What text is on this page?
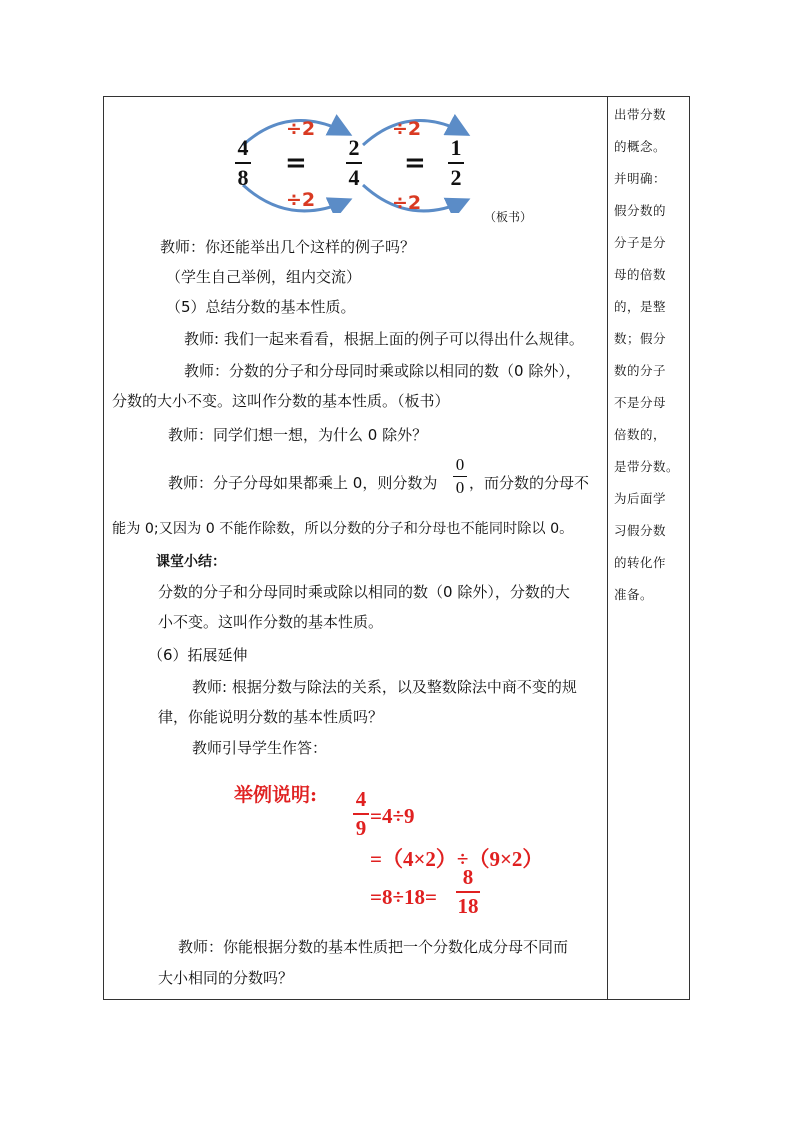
4
8 =
2
4 =
1
2
÷2
÷2
÷2
÷2
（板书）
教师：你还能举出几个这样的例子吗？
（学生自己举例，组内交流）
（5）总结分数的基本性质。
教师: 我们一起来看看，根据上面的例子可以得出什么规律。
教师：分数的分子和分母同时乘或除以相同的数（0 除外），
分数的大小不变。这叫作分数的基本性质。（板书）
教师：同学们想一想，为什么 0 除外？
教师：分子分母如果都乘上 0，则分数为
0
0 ，而分数的分母不
能为 0;又因为 0 不能作除数，所以分数的分子和分母也不能同时除以 0。
课堂小结：
分数的分子和分母同时乘或除以相同的数（0 除外），分数的大
小不变。这叫作分数的基本性质。
（6）拓展延伸
教师: 根据分数与除法的关系，以及整数除法中商不变的规
律，你能说明分数的基本性质吗？
教师引导学生作答：
举例说明: 4
9 =4÷9
=（4×2）÷（9×2）
=8÷18=
8
18
教师：你能根据分数的基本性质把一个分数化成分母不同而
大小相同的分数吗？
出带分数
的概念。
并明确：
假分数的
分子是分
母的倍数
的，是整
数；假分
数的分子
不是分母
倍数的，
是带分数。
为后面学
习假分数
的转化作
准备。
